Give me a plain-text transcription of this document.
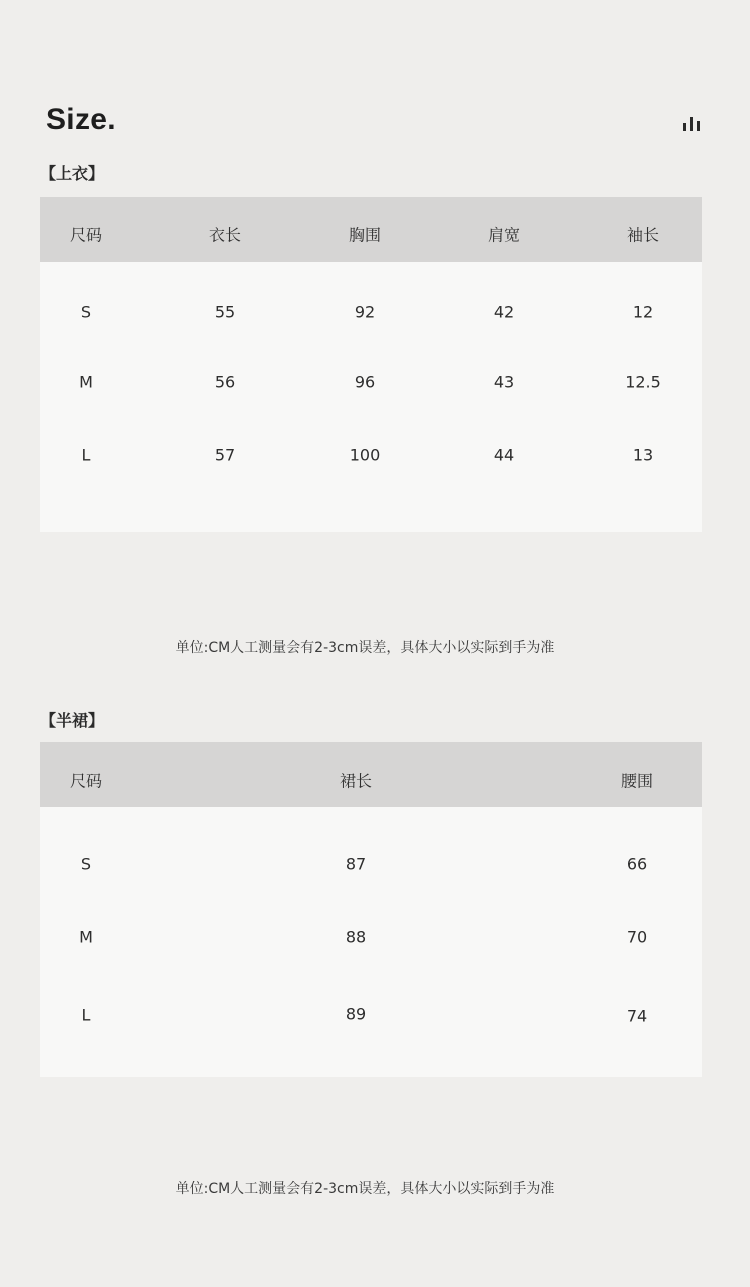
Size.
【上衣】
尺码	衣长	胸围	肩宽	袖长
S	55	92	42	12
M	56	96	43	12.5
L	57	100	44	13
单位:CM人工测量会有2-3cm误差，具体大小以实际到手为准
【半裙】
尺码	裙长	腰围
S	87	66
M	88	70
L	89	74
单位:CM人工测量会有2-3cm误差，具体大小以实际到手为准
